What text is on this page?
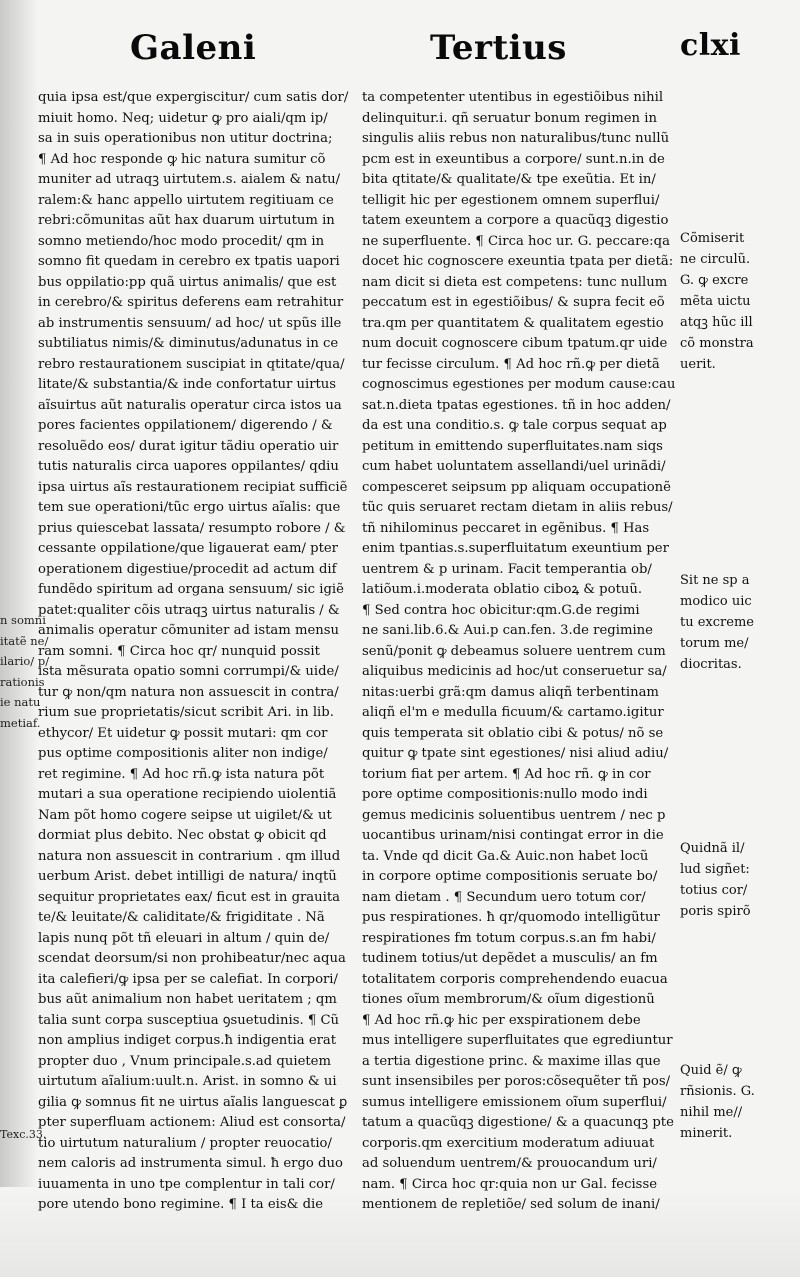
Galeni	Tertius	clxi
quia ipsa est/que expergiscitur/ cum satis dor/
miuit homo. Neq; uidetur ꝙ pro aiali/qm ip/
sa in suis operationibus non utitur doctrina;
¶ Ad hoc responde ꝙ hic natura sumitur cõ
muniter ad utraqꝫ uirtutem.s. aialem & natu/
ralem:& hanc appello uirtutem regitiuam ce
rebri:cõmunitas aũt hax duarum uirtutum in
somno metiendo/hoc modo procedit/ qm in
somno fit quedam in cerebro ex tpatis uapori
bus oppilatio:pp quã uirtus animalis/ que est
in cerebro/& spiritus deferens eam retrahitur
ab instrumentis sensuum/ ad hoc/ ut spũs ille
subtiliatus nimis/& diminutus/adunatus in ce
rebro restaurationem suscipiat in qtitate/qua/
litate/& substantia/& inde confortatur uirtus
aĩsuirtus aũt naturalis operatur circa istos ua
pores facientes oppilationem/ digerendo / &
resoluẽdo eos/ durat igitur tãdiu operatio uir
tutis naturalis circa uapores oppilantes/ qdiu
ipsa uirtus aĩs restaurationem recipiat sufficiẽ
tem sue operationi/tũc ergo uirtus aĩalis: que
prius quiescebat lassata/ resumpto robore / &
cessante oppilatione/que ligauerat eam/ pter
operationem digestiue/procedit ad actum dif
fundẽdo spiritum ad organa sensuum/ sic igiẽ
patet:qualiter cõis utraqꝫ uirtus naturalis / &
animalis operatur cõmuniter ad istam mensu
ram somni. ¶ Circa hoc qr/ nunquid possit
ista mẽsurata opatio somni corrumpi/& uide/
tur ꝙ non/qm natura non assuescit in contra/
rium sue proprietatis/sicut scribit Ari. in lib.
ethycor/ Et uidetur ꝙ possit mutari: qm cor
pus optime compositionis aliter non indige/
ret regimine. ¶ Ad hoc rñ.ꝙ ista natura põt
mutari a sua operatione recipiendo uiolentiã
Nam põt homo cogere seipse ut uigilet/& ut
dormiat plus debito. Nec obstat ꝙ obicit qd
natura non assuescit in contrarium . qm illud
uerbum Arist. debet intilligi de natura/ inqtũ
sequitur proprietates eax/ ficut est in grauita
te/& leuitate/& caliditate/& frigiditate . Nã
lapis nunq põt tñ eleuari in altum / quin de/
scendat deorsum/si non prohibeatur/nec aqua
ita calefieri/ꝙ ipsa per se calefiat. In corpori/
bus aũt animalium non habet ueritatem ; qm
talia sunt corpa susceptiua ꝯsuetudinis. ¶ Cũ
non amplius indiget corpus.ħ indigentia erat
propter duo , Vnum principale.s.ad quietem
uirtutum aĩalium:uult.n. Arist. in somno & ui
gilia ꝙ somnus fit ne uirtus aĩalis languescat ꝑ
pter superfluam actionem: Aliud est consorta/
tio uirtutum naturalium / propter reuocatio/
nem caloris ad instrumenta simul. ħ ergo duo
iuuamenta in uno tpe complentur in tali cor/
pore utendo bono regimine. ¶ I ta eis& die
ta competenter utentibus in egestiõibus nihil
delinquitur.i. qñ seruatur bonum regimen in
singulis aliis rebus non naturalibus/tunc nullũ
pcm est in exeuntibus a corpore/ sunt.n.in de
bita qtitate/& qualitate/& tpe exeũtia. Et in/
telligit hic per egestionem omnem superflui/
tatem exeuntem a corpore a quacũqꝫ digestio
ne superfluente. ¶ Circa hoc ur. G. peccare:qa
docet hic cognoscere exeuntia tpata per dietã:
nam dicit si dieta est competens: tunc nullum
peccatum est in egestiõibus/ & supra fecit eõ
tra.qm per quantitatem & qualitatem egestio
num docuit cognoscere cibum tpatum.qr uide
tur fecisse circulum. ¶ Ad hoc rñ.ꝙ per dietã
cognoscimus egestiones per modum cause:cau
sat.n.dieta tpatas egestiones. tñ in hoc adden/
da est una conditio.s. ꝙ tale corpus sequat ap
petitum in emittendo superfluitates.nam siqs
cum habet uoluntatem assellandi/uel urinãdi/
compesceret seipsum pp aliquam occupationẽ
tũc quis seruaret rectam dietam in aliis rebus/
tñ nihilominus peccaret in egẽnibus. ¶ Has
enim tpantias.s.superfluitatum exeuntium per
uentrem & p urinam. Facit temperantia ob/
latiõum.i.moderata oblatio ciboꝝ & potuũ.
¶ Sed contra hoc obicitur:qm.G.de regimi
ne sani.lib.6.& Aui.p can.fen. 3.de regimine
senũ/ponit ꝙ debeamus soluere uentrem cum
aliquibus medicinis ad hoc/ut conseruetur sa/
nitas:uerbi grã:qm damus aliqñ terbentinam
aliqñ el'm e medulla ficuum/& cartamo.igitur
quis temperata sit oblatio cibi & potus/ nõ se
quitur ꝙ tpate sint egestiones/ nisi aliud adiu/
torium fiat per artem. ¶ Ad hoc rñ. ꝙ in cor
pore optime compositionis:nullo modo indi
gemus medicinis soluentibus uentrem / nec p
uocantibus urinam/nisi contingat error in die
ta. Vnde qd dicit Ga.& Auic.non habet locũ
in corpore optime compositionis seruate bo/
nam dietam . ¶ Secundum uero totum cor/
pus respirationes. ħ qr/quomodo intelligũtur
respirationes fm totum corpus.s.an fm habi/
tudinem totius/ut depẽdet a musculis/ an fm
totalitatem corporis comprehendendo euacua
tiones oĩum membrorum/& oĩum digestionũ
¶ Ad hoc rñ.ꝙ hic per exspirationem debe
mus intelligere superfluitates que egrediuntur
a tertia digestione princ. & maxime illas que
sunt insensibiles per poros:cõsequẽter tñ pos/
sumus intelligere emissionem oĩum superflui/
tatum a quacũqꝫ digestione/ & a quacunqꝫ pte
corporis.qm exercitium moderatum adiuuat
ad soluendum uentrem/& prouocandum uri/
nam. ¶ Circa hoc qr:quia non ur Gal. fecisse
mentionem de repletiõe/ sed solum de inani/
n somni
itatẽ ne/
ilario/ p/
rationis
ie natu
metiaf.
Cõmiserit
ne circulũ.
G. ꝙ excre
mẽta uictu
atqꝫ hũc ill
cõ monstra
uerit.
Sit ne sp a
modico uic
tu excreme
torum me/
diocritas.
Quidnã il/
lud sigñet:
totius cor/
poris spirõ
Quid ẽ/ ꝙ
rñsionis. G.
nihil me//
minerit.
Texc.33.
